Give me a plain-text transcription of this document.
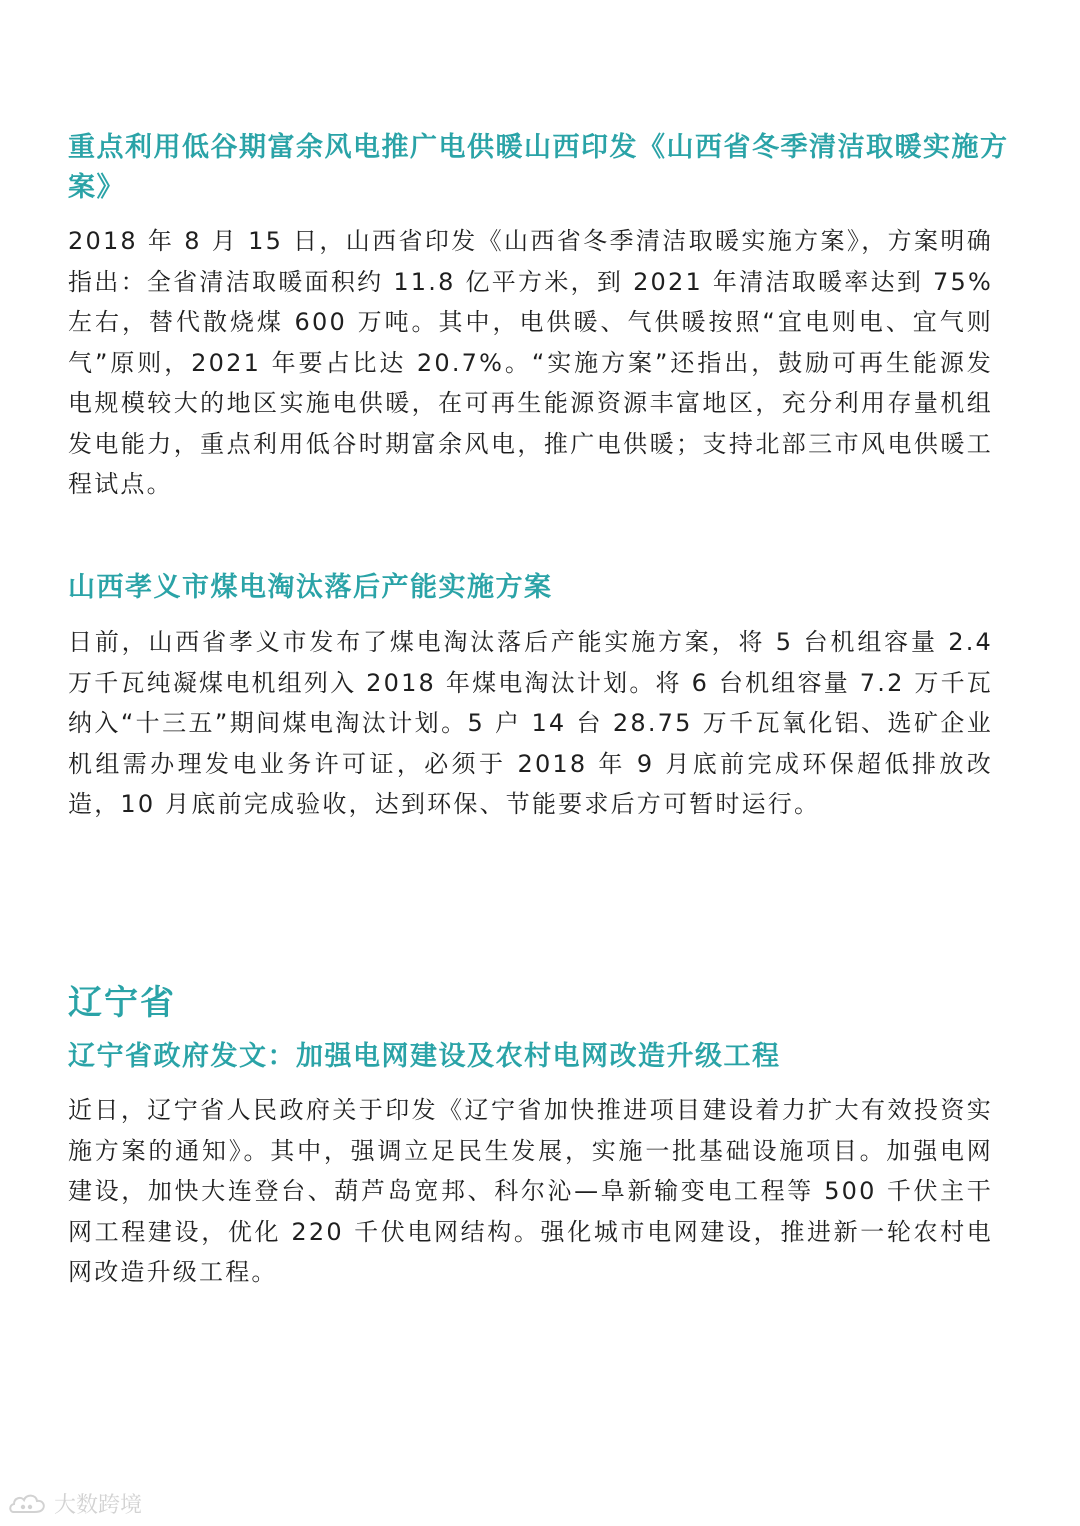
重点利用低谷期富余风电推广电供暖山西印发《山西省冬季清洁取暖实施方案》

2018 年 8 月 15 日，山西省印发《山西省冬季清洁取暖实施方案》，方案明确指出：全省清洁取暖面积约 11.8 亿平方米，到 2021 年清洁取暖率达到 75%左右，替代散烧煤 600 万吨。其中，电供暖、气供暖按照“宜电则电、宜气则气”原则，2021 年要占比达 20.7%。“实施方案”还指出，鼓励可再生能源发电规模较大的地区实施电供暖，在可再生能源资源丰富地区，充分利用存量机组发电能力，重点利用低谷时期富余风电，推广电供暖；支持北部三市风电供暖工程试点。

山西孝义市煤电淘汰落后产能实施方案

日前，山西省孝义市发布了煤电淘汰落后产能实施方案，将 5 台机组容量 2.4 万千瓦纯凝煤电机组列入 2018 年煤电淘汰计划。将 6 台机组容量 7.2 万千瓦纳入“十三五”期间煤电淘汰计划。5 户 14 台 28.75 万千瓦氧化铝、选矿企业机组需办理发电业务许可证，必须于 2018 年 9 月底前完成环保超低排放改造，10 月底前完成验收，达到环保、节能要求后方可暂时运行。

辽宁省
辽宁省政府发文：加强电网建设及农村电网改造升级工程

近日，辽宁省人民政府关于印发《辽宁省加快推进项目建设着力扩大有效投资实施方案的通知》。其中，强调立足民生发展，实施一批基础设施项目。加强电网建设，加快大连登台、葫芦岛宽邦、科尔沁—阜新输变电工程等 500 千伏主干网工程建设，优化 220 千伏电网结构。强化城市电网建设，推进新一轮农村电网改造升级工程。

大数跨境
